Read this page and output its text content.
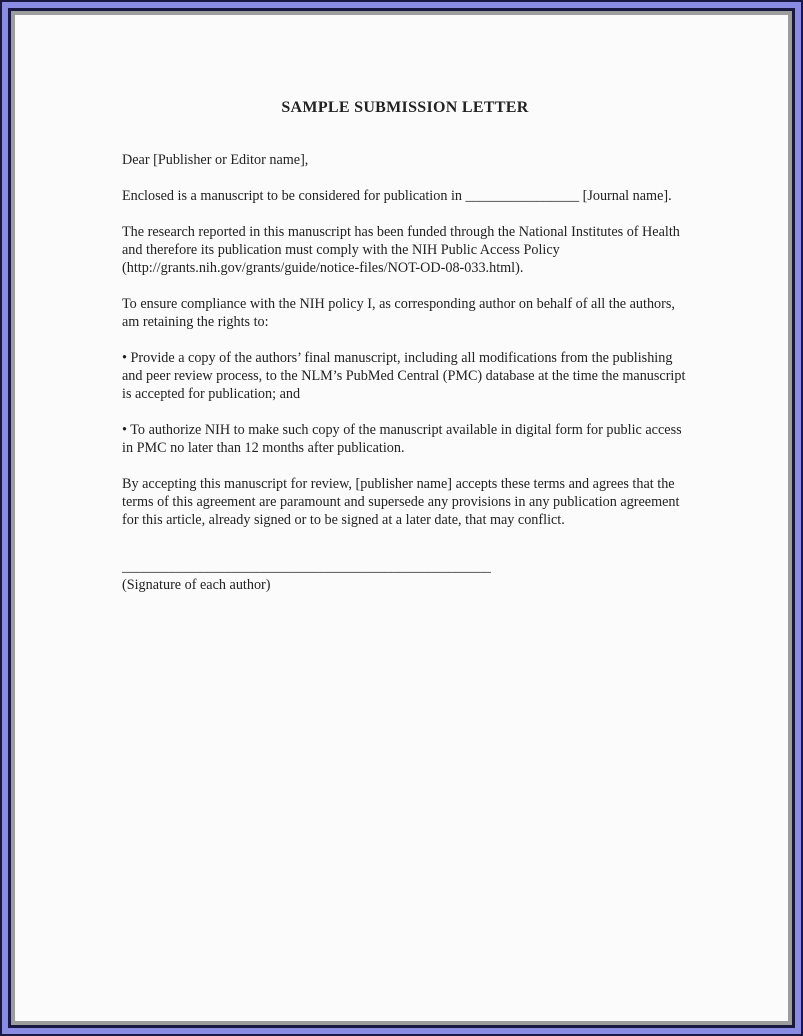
SAMPLE SUBMISSION LETTER

Dear [Publisher or Editor name],

Enclosed is a manuscript to be considered for publication in ________________ [Journal name].

The research reported in this manuscript has been funded through the National Institutes of Health and therefore its publication must comply with the NIH Public Access Policy (http://grants.nih.gov/grants/guide/notice-files/NOT-OD-08-033.html).

To ensure compliance with the NIH policy I, as corresponding author on behalf of all the authors, am retaining the rights to:

• Provide a copy of the authors’ final manuscript, including all modifications from the publishing and peer review process, to the NLM’s PubMed Central (PMC) database at the time the manuscript is accepted for publication; and

• To authorize NIH to make such copy of the manuscript available in digital form for public access in PMC no later than 12 months after publication.

By accepting this manuscript for review, [publisher name] accepts these terms and agrees that the terms of this agreement are paramount and supersede any provisions in any publication agreement for this article, already signed or to be signed at a later date, that may conflict.

____________________________________________________
(Signature of each author)
